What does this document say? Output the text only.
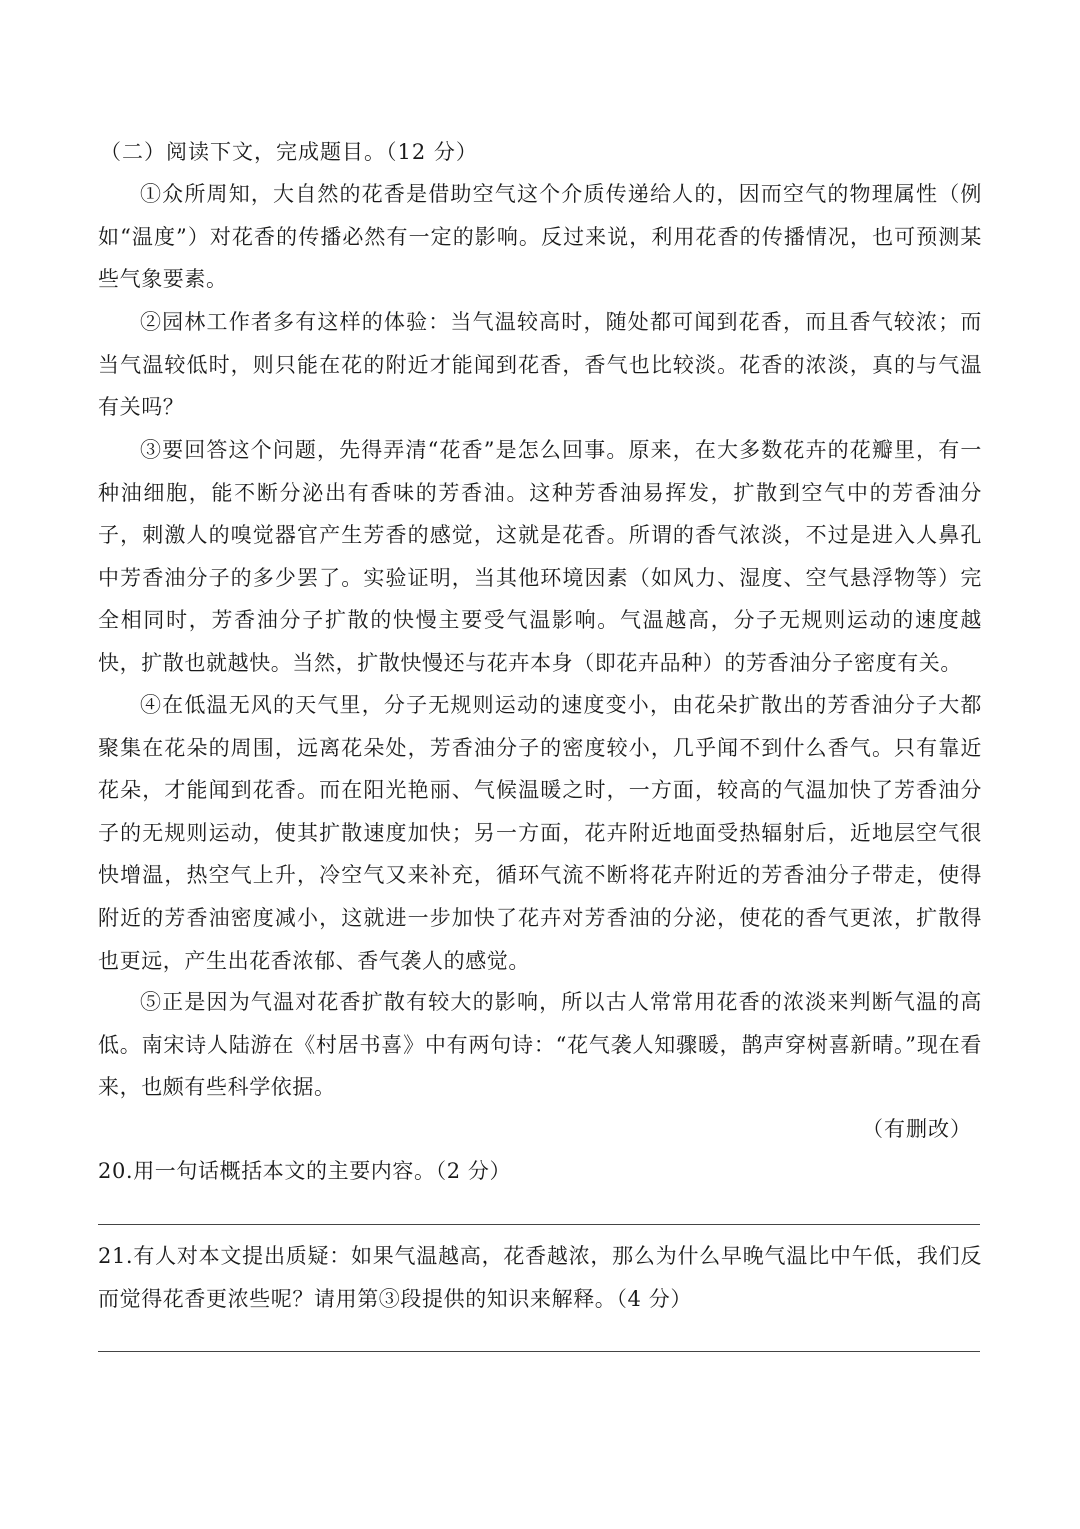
（二）阅读下文，完成题目。（12 分）

①众所周知，大自然的花香是借助空气这个介质传递给人的，因而空气的物理属性（例如“温度”）对花香的传播必然有一定的影响。反过来说，利用花香的传播情况，也可预测某些气象要素。

②园林工作者多有这样的体验：当气温较高时，随处都可闻到花香，而且香气较浓；而当气温较低时，则只能在花的附近才能闻到花香，香气也比较淡。花香的浓淡，真的与气温有关吗？

③要回答这个问题，先得弄清“花香”是怎么回事。原来，在大多数花卉的花瓣里，有一种油细胞，能不断分泌出有香味的芳香油。这种芳香油易挥发，扩散到空气中的芳香油分子，刺激人的嗅觉器官产生芳香的感觉，这就是花香。所谓的香气浓淡，不过是进入人鼻孔中芳香油分子的多少罢了。实验证明，当其他环境因素（如风力、湿度、空气悬浮物等）完全相同时，芳香油分子扩散的快慢主要受气温影响。气温越高，分子无规则运动的速度越快，扩散也就越快。当然，扩散快慢还与花卉本身（即花卉品种）的芳香油分子密度有关。

④在低温无风的天气里，分子无规则运动的速度变小，由花朵扩散出的芳香油分子大都聚集在花朵的周围，远离花朵处，芳香油分子的密度较小，几乎闻不到什么香气。只有靠近花朵，才能闻到花香。而在阳光艳丽、气候温暖之时，一方面，较高的气温加快了芳香油分子的无规则运动，使其扩散速度加快；另一方面，花卉附近地面受热辐射后，近地层空气很快增温，热空气上升，冷空气又来补充，循环气流不断将花卉附近的芳香油分子带走，使得附近的芳香油密度减小，这就进一步加快了花卉对芳香油的分泌，使花的香气更浓，扩散得也更远，产生出花香浓郁、香气袭人的感觉。

⑤正是因为气温对花香扩散有较大的影响，所以古人常常用花香的浓淡来判断气温的高低。南宋诗人陆游在《村居书喜》中有两句诗：“花气袭人知骤暖，鹊声穿树喜新晴。”现在看来，也颇有些科学依据。

（有删改）

20.用一句话概括本文的主要内容。（2 分）

21.有人对本文提出质疑：如果气温越高，花香越浓，那么为什么早晚气温比中午低，我们反而觉得花香更浓些呢？请用第③段提供的知识来解释。（4 分）
